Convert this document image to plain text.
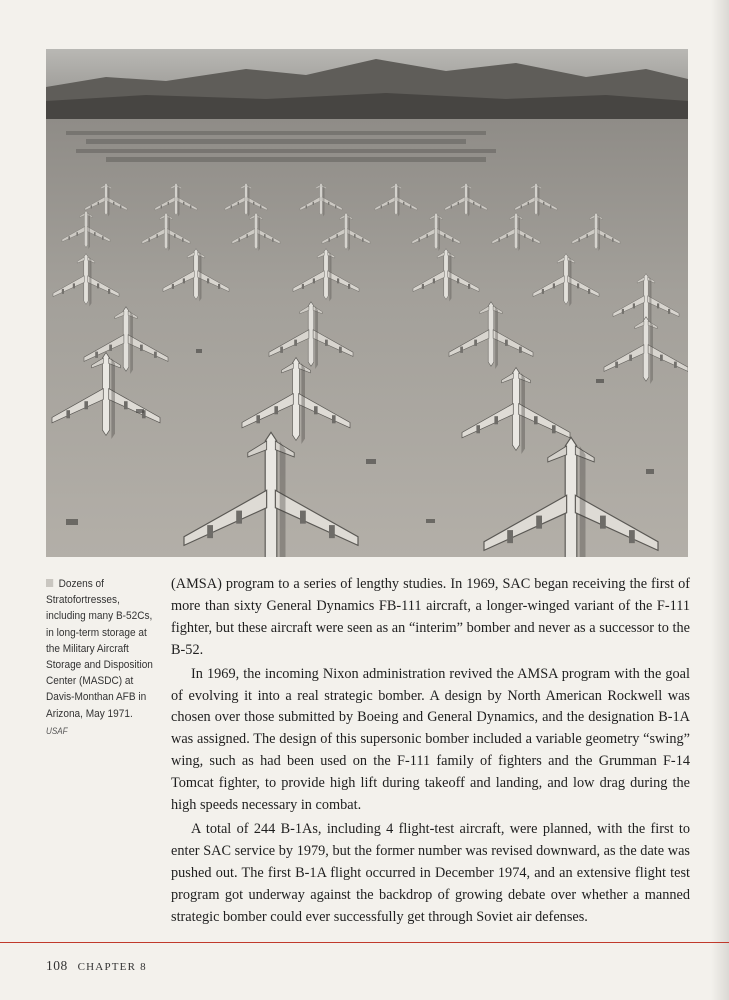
Dozens of Stratofortresses, including many B-52Cs, in long-term storage at the Military Aircraft Storage and Disposition Center (MASDC) at Davis-Monthan AFB in Arizona, May 1971.
USAF

(AMSA) program to a series of lengthy studies. In 1969, SAC began receiving the first of more than sixty General Dynamics FB-111 aircraft, a longer-winged variant of the F-111 fighter, but these aircraft were seen as an “interim” bomber and never as a successor to the B-52.

In 1969, the incoming Nixon administration revived the AMSA program with the goal of evolving it into a real strategic bomber. A design by North American Rockwell was chosen over those submitted by Boeing and General Dynamics, and the designation B-1A was assigned. The design of this supersonic bomber included a variable geometry “swing” wing, such as had been used on the F-111 family of fighters and the Grumman F-14 Tomcat fighter, to provide high lift during takeoff and landing, and low drag during the high speeds necessary in combat.

A total of 244 B-1As, including 4 flight-test aircraft, were planned, with the first to enter SAC service by 1979, but the former number was revised downward, as the date was pushed out. The first B-1A flight occurred in December 1974, and an extensive flight test program got underway against the backdrop of growing debate over whether a manned strategic bomber could ever successfully get through Soviet air defenses.

108 CHAPTER 8
